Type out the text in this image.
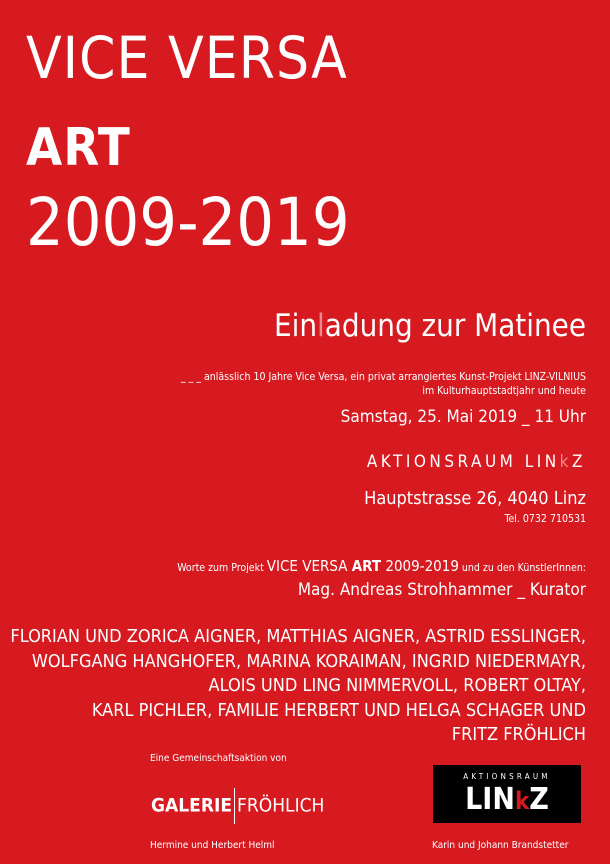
VICE VERSA
ART
2009-2019
Einladung zur Matinee
_ _ _ anlässlich 10 Jahre Vice Versa, ein privat arrangiertes Kunst-Projekt LINZ-VILNIUS
im Kulturhauptstadtjahr und heute
Samstag, 25. Mai 2019 _ 11 Uhr
AKTIONSRAUM LINkZ
Hauptstrasse 26, 4040 Linz
Tel. 0732 710531
Worte zum Projekt VICE VERSA ART 2009-2019 und zu den KünstlerInnen:
Mag. Andreas Strohhammer _ Kurator
FLORIAN UND ZORICA AIGNER, MATTHIAS AIGNER, ASTRID ESSLINGER,
WOLFGANG HANGHOFER, MARINA KORAIMAN, INGRID NIEDERMAYR,
ALOIS UND LING NIMMERVOLL, ROBERT OLTAY,
KARL PICHLER, FAMILIE HERBERT UND HELGA SCHAGER UND
FRITZ FRÖHLICH
Eine Gemeinschaftsaktion von
GALERIE FRÖHLICH
Hermine und Herbert Helml
AKTIONSRAUM
LINkZ
Karin und Johann Brandstetter
